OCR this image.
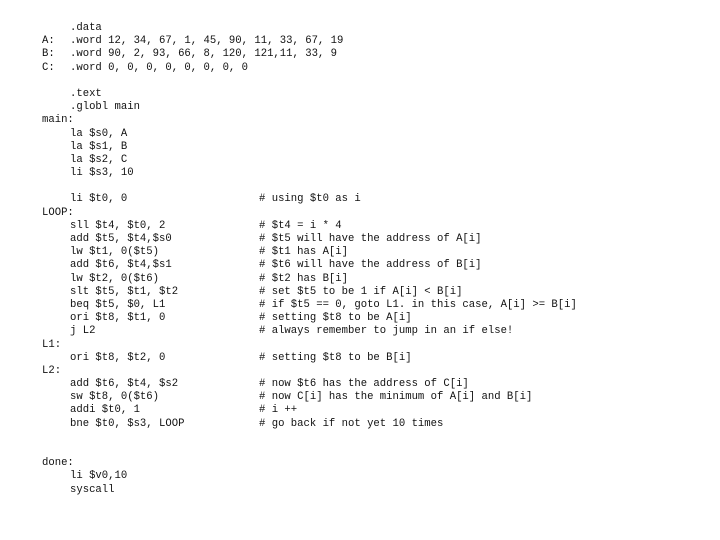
.data
A: .word 12, 34, 67, 1, 45, 90, 11, 33, 67, 19
B: .word 90, 2, 93, 66, 8, 120, 121,11, 33, 9
C: .word 0, 0, 0, 0, 0, 0, 0, 0
.text
.globl main
main:
la $s0, A
la $s1, B
la $s2, C
li $s3, 10
li $t0, 0	# using $t0 as i
LOOP:
sll $t4, $t0, 2	# $t4 = i * 4
add $t5, $t4,$s0	# $t5 will have the address of A[i]
lw $t1, 0($t5)	# $t1 has A[i]
add $t6, $t4,$s1	# $t6 will have the address of B[i]
lw $t2, 0($t6)	# $t2 has B[i]
slt $t5, $t1, $t2	# set $t5 to be 1 if A[i] < B[i]
beq $t5, $0, L1	# if $t5 == 0, goto L1. in this case, A[i] >= B[i]
ori $t8, $t1, 0	# setting $t8 to be A[i]
j L2	# always remember to jump in an if else!
L1:
ori $t8, $t2, 0	# setting $t8 to be B[i]
L2:
add $t6, $t4, $s2	# now $t6 has the address of C[i]
sw $t8, 0($t6)	# now C[i] has the minimum of A[i] and B[i]
addi $t0, 1	# i ++
bne $t0, $s3, LOOP	# go back if not yet 10 times
done:
li $v0,10
syscall
